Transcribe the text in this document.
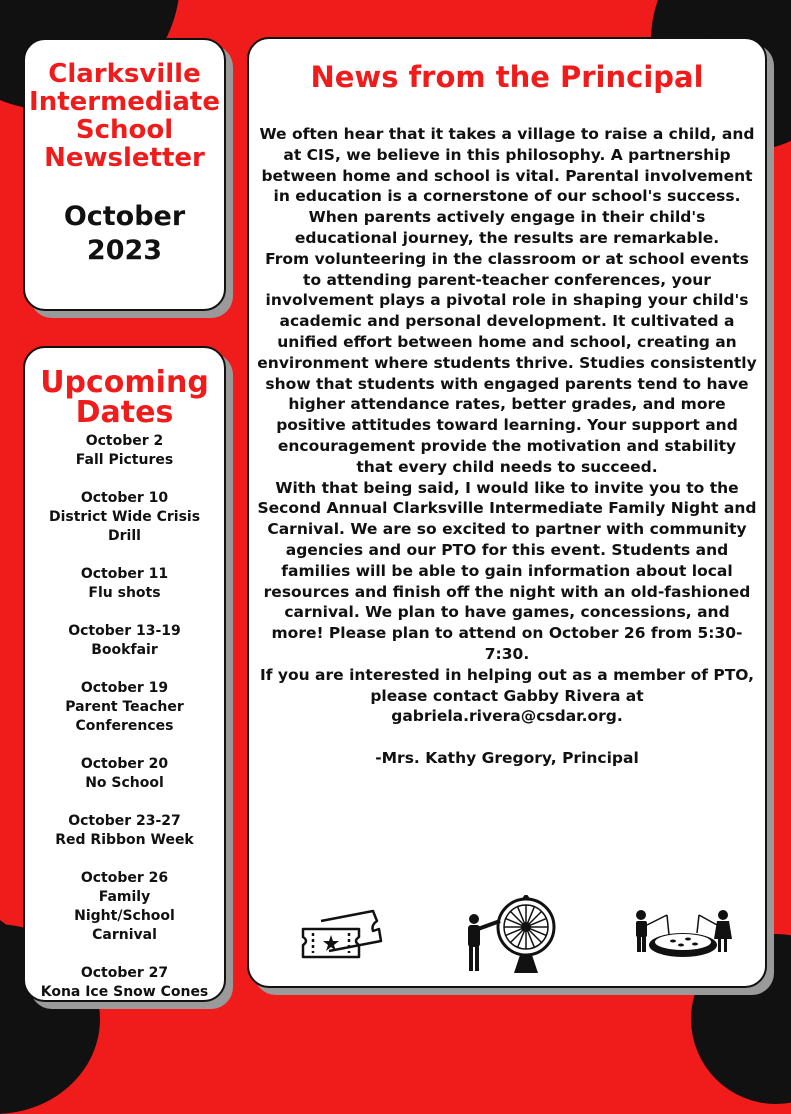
Clarksville Intermediate School Newsletter
October
2023
Upcoming
Dates
October 2
Fall Pictures
October 10
District Wide Crisis Drill
October 11
Flu shots
October 13-19
Bookfair
October 19
Parent Teacher Conferences
October 20
No School
October 23-27
Red Ribbon Week
October 26
Family Night/School Carnival
October 27
Kona Ice Snow Cones
News from the Principal

We often hear that it takes a village to raise a child, and at CIS, we believe in this philosophy. A partnership between home and school is vital. Parental involvement in education is a cornerstone of our school's success. When parents actively engage in their child's educational journey, the results are remarkable.

From volunteering in the classroom or at school events to attending parent-teacher conferences, your involvement plays a pivotal role in shaping your child's academic and personal development. It cultivated a unified effort between home and school, creating an environment where students thrive. Studies consistently show that students with engaged parents tend to have higher attendance rates, better grades, and more positive attitudes toward learning. Your support and encouragement provide the motivation and stability that every child needs to succeed.

With that being said, I would like to invite you to the Second Annual Clarksville Intermediate Family Night and Carnival. We are so excited to partner with community agencies and our PTO for this event. Students and families will be able to gain information about local resources and finish off the night with an old-fashioned carnival. We plan to have games, concessions, and more! Please plan to attend on October 26 from 5:30-7:30.

If you are interested in helping out as a member of PTO, please contact Gabby Rivera at gabriela.rivera@csdar.org.

-Mrs. Kathy Gregory, Principal
